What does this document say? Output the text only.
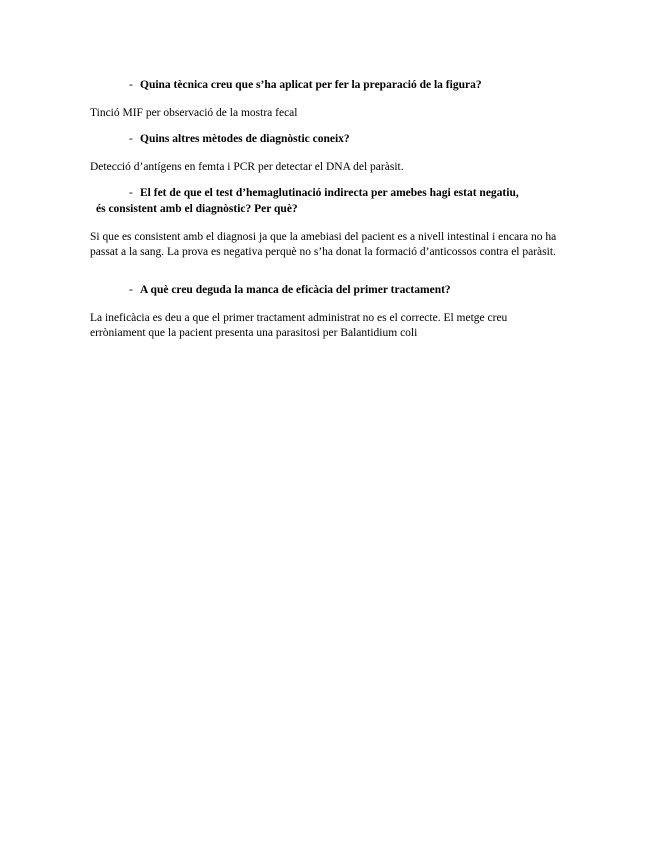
- Quina tècnica creu que s’ha aplicat per fer la preparació de la figura?
Tinció MIF per observació de la mostra fecal
- Quins altres mètodes de diagnòstic coneix?
Detecció d’antígens en femta i PCR per detectar el DNA del paràsit.
- El fet de que el test d’hemaglutinació indirecta per amebes hagi estat negatiu, és consistent amb el diagnòstic? Per què?
Si que es consistent amb el diagnosi ja que la amebiasi del pacient es a nivell intestinal i encara no ha passat a la sang. La prova es negativa perquè no s’ha donat la formació d’anticossos contra el paràsit.
- A què creu deguda la manca de eficàcia del primer tractament?
La ineficàcia es deu a que el primer tractament administrat no es el correcte. El metge creu erròniament que la pacient presenta una parasitosi per Balantidium coli
